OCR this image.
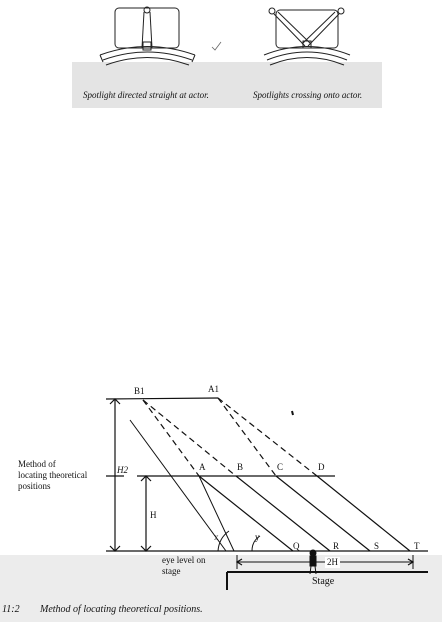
Spotlight directed straight at actor.	Spotlights crossing onto actor.
B1	A1
A	B	C	D
Q	R	S	T
H2
H
x	y
Method of
locating theoretical
positions
eye level on
stage
2H
Stage
11:2 Method of locating theoretical positions.
